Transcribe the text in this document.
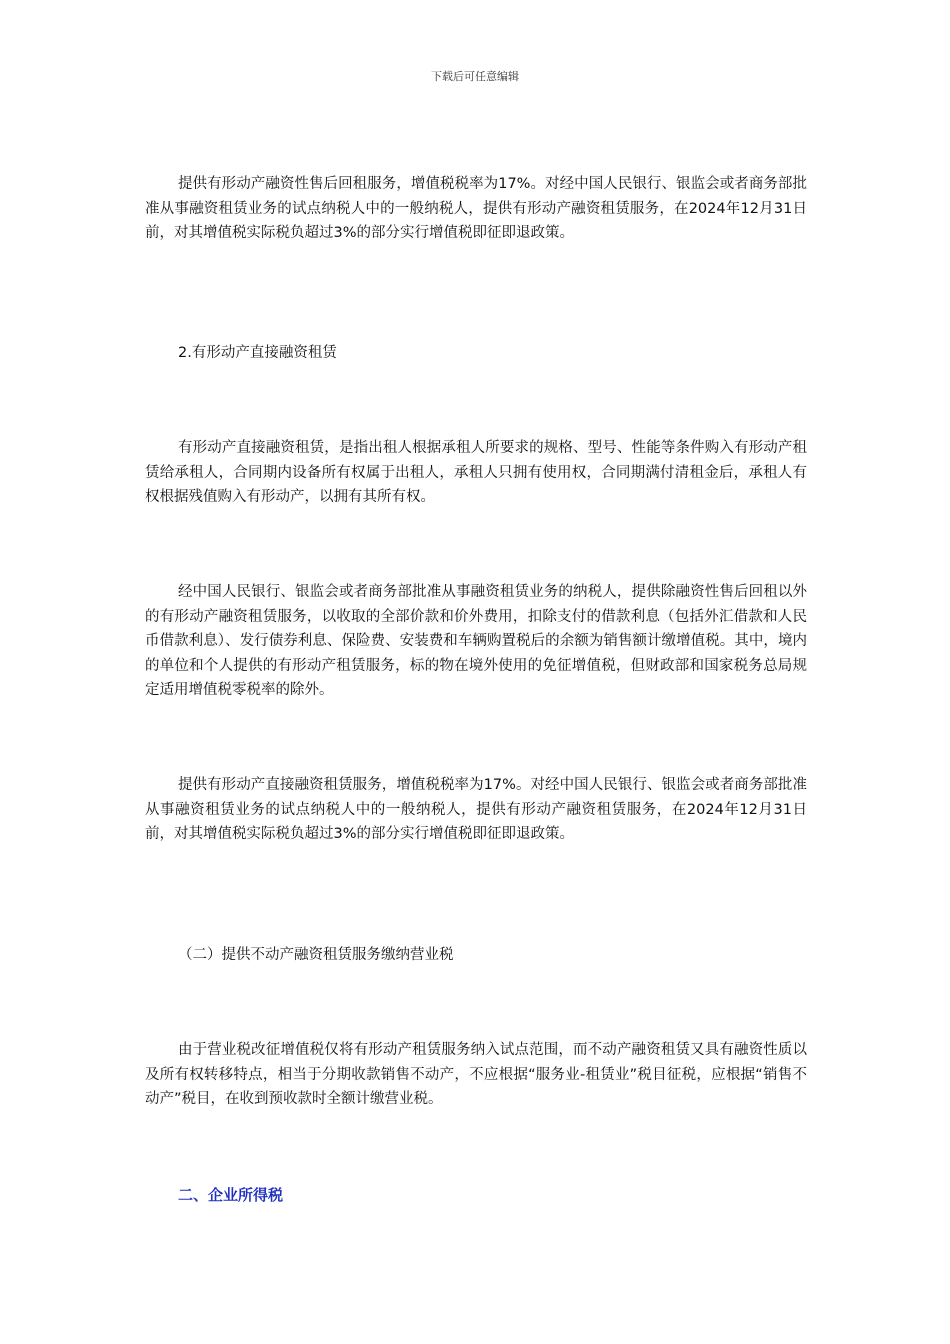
下载后可任意编辑

提供有形动产融资性售后回租服务，增值税税率为17%。对经中国人民银行、银监会或者商务部批准从事融资租赁业务的试点纳税人中的一般纳税人，提供有形动产融资租赁服务，在2024年12月31日前，对其增值税实际税负超过3%的部分实行增值税即征即退政策。

2.有形动产直接融资租赁

有形动产直接融资租赁，是指出租人根据承租人所要求的规格、型号、性能等条件购入有形动产租赁给承租人，合同期内设备所有权属于出租人，承租人只拥有使用权，合同期满付清租金后，承租人有权根据残值购入有形动产，以拥有其所有权。

经中国人民银行、银监会或者商务部批准从事融资租赁业务的纳税人，提供除融资性售后回租以外的有形动产融资租赁服务，以收取的全部价款和价外费用，扣除支付的借款利息（包括外汇借款和人民币借款利息）、发行债券利息、保险费、安装费和车辆购置税后的余额为销售额计缴增值税。其中，境内的单位和个人提供的有形动产租赁服务，标的物在境外使用的免征增值税，但财政部和国家税务总局规定适用增值税零税率的除外。

提供有形动产直接融资租赁服务，增值税税率为17%。对经中国人民银行、银监会或者商务部批准从事融资租赁业务的试点纳税人中的一般纳税人，提供有形动产融资租赁服务，在2024年12月31日前，对其增值税实际税负超过3%的部分实行增值税即征即退政策。

（二）提供不动产融资租赁服务缴纳营业税

由于营业税改征增值税仅将有形动产租赁服务纳入试点范围，而不动产融资租赁又具有融资性质以及所有权转移特点，相当于分期收款销售不动产，不应根据“服务业-租赁业”税目征税，应根据“销售不动产”税目，在收到预收款时全额计缴营业税。

二、企业所得税
